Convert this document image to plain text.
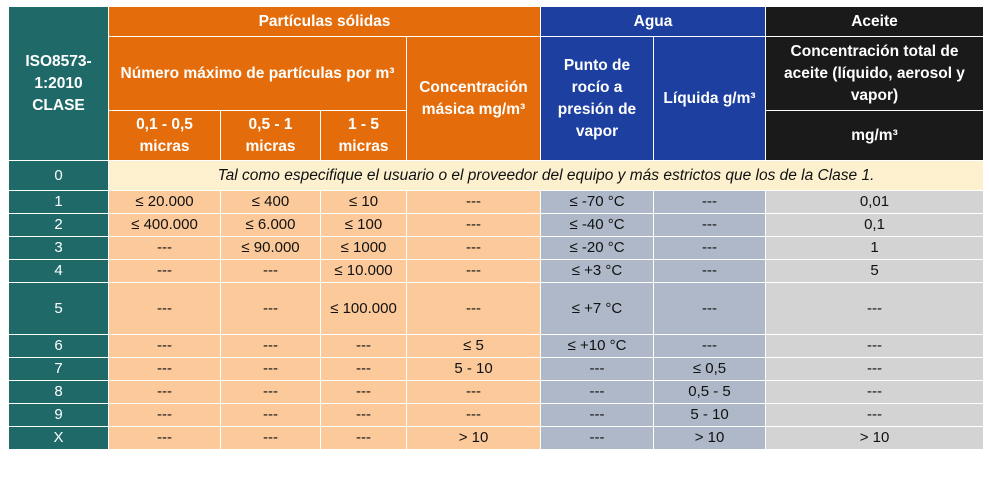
ISO8573-1:2010 CLASE	Partículas sólidas				Agua		Aceite
	Número máximo de partículas por m³			Concentración másica mg/m³	Punto de rocío a presión de vapor	Líquida g/m³	Concentración total de aceite (líquido, aerosol y vapor)
	0,1 - 0,5 micras	0,5 - 1 micras	1 - 5 micras				mg/m³
0	Tal como especifique el usuario o el proveedor del equipo y más estrictos que los de la Clase 1.						
1	≤ 20.000	≤ 400	≤ 10	---	≤ -70 °C	---	0,01
2	≤ 400.000	≤ 6.000	≤ 100	---	≤ -40 °C	---	0,1
3	---	≤ 90.000	≤ 1000	---	≤ -20 °C	---	1
4	---	---	≤ 10.000	---	≤ +3 °C	---	5
5	---	---	≤ 100.000	---	≤ +7 °C	---	---
6	---	---	---	≤ 5	≤ +10 °C	---	---
7	---	---	---	5 - 10	---	≤ 0,5	---
8	---	---	---	---	---	0,5 - 5	---
9	---	---	---	---	---	5 - 10	---
X	---	---	---	> 10	---	> 10	> 10
